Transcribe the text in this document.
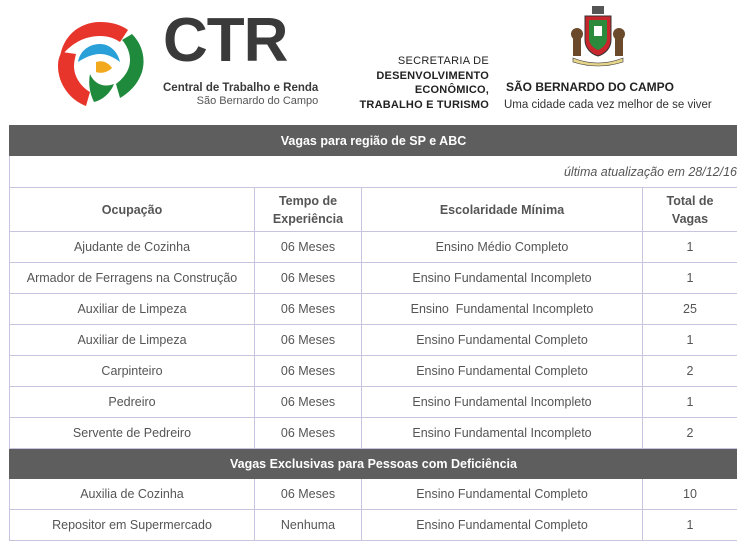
CTR
Central de Trabalho e Renda
São Bernardo do Campo
SECRETARIA DE
DESENVOLVIMENTO
ECONÔMICO,
TRABALHO E TURISMO
SÃO BERNARDO DO CAMPO
Uma cidade cada vez melhor de se viver
Vagas para região de SP e ABC			
última atualização em 28/12/16			
Ocupação	Tempo de Experiência	Escolaridade Mínima	Total de Vagas
Ajudante de Cozinha	06 Meses	Ensino Médio Completo	1
Armador de Ferragens na Construção	06 Meses	Ensino Fundamental Incompleto	1
Auxiliar de Limpeza	06 Meses	Ensino  Fundamental Incompleto	25
Auxiliar de Limpeza	06 Meses	Ensino Fundamental Completo	1
Carpinteiro	06 Meses	Ensino Fundamental Completo	2
Pedreiro	06 Meses	Ensino Fundamental Incompleto	1
Servente de Pedreiro	06 Meses	Ensino Fundamental Incompleto	2
Vagas Exclusivas para Pessoas com Deficiência			
Auxilia de Cozinha	06 Meses	Ensino Fundamental Completo	10
Repositor em Supermercado	Nenhuma	Ensino Fundamental Completo	1
